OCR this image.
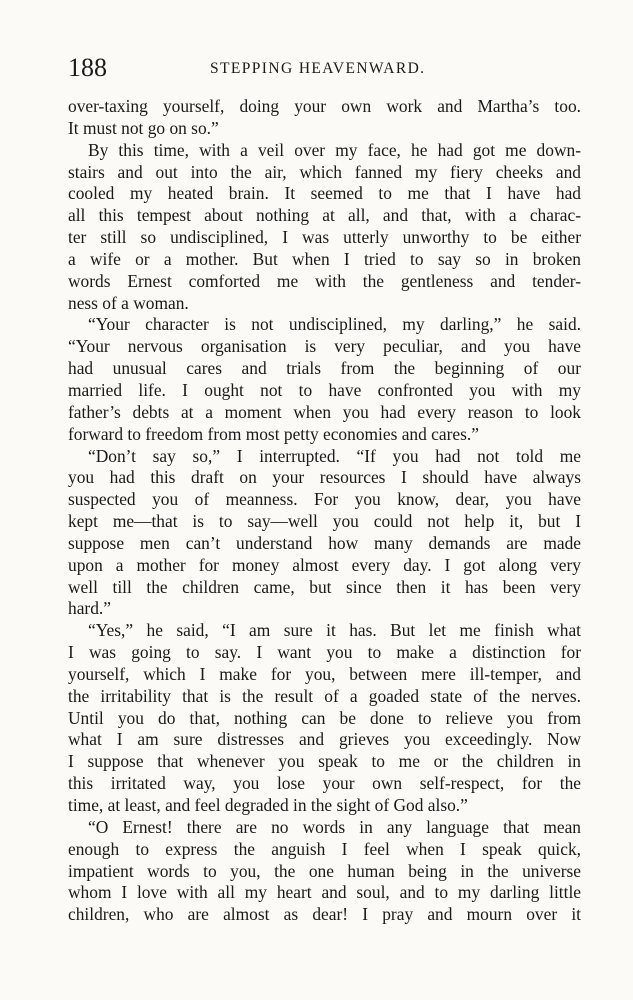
188	STEPPING HEAVENWARD.
over-taxing yourself, doing your own work and Martha’s too.
It must not go on so.”
By this time, with a veil over my face, he had got me down-
stairs and out into the air, which fanned my fiery cheeks and
cooled my heated brain. It seemed to me that I have had
all this tempest about nothing at all, and that, with a charac-
ter still so undisciplined, I was utterly unworthy to be either
a wife or a mother. But when I tried to say so in broken
words Ernest comforted me with the gentleness and tender-
ness of a woman.
“Your character is not undisciplined, my darling,” he said.
“Your nervous organisation is very peculiar, and you have
had unusual cares and trials from the beginning of our
married life. I ought not to have confronted you with my
father’s debts at a moment when you had every reason to look
forward to freedom from most petty economies and cares.”
“Don’t say so,” I interrupted. “If you had not told me
you had this draft on your resources I should have always
suspected you of meanness. For you know, dear, you have
kept me—that is to say—well you could not help it, but I
suppose men can’t understand how many demands are made
upon a mother for money almost every day. I got along very
well till the children came, but since then it has been very
hard.”
“Yes,” he said, “I am sure it has. But let me finish what
I was going to say. I want you to make a distinction for
yourself, which I make for you, between mere ill-temper, and
the irritability that is the result of a goaded state of the nerves.
Until you do that, nothing can be done to relieve you from
what I am sure distresses and grieves you exceedingly. Now
I suppose that whenever you speak to me or the children in
this irritated way, you lose your own self-respect, for the
time, at least, and feel degraded in the sight of God also.”
“O Ernest! there are no words in any language that mean
enough to express the anguish I feel when I speak quick,
impatient words to you, the one human being in the universe
whom I love with all my heart and soul, and to my darling little
children, who are almost as dear! I pray and mourn over it
